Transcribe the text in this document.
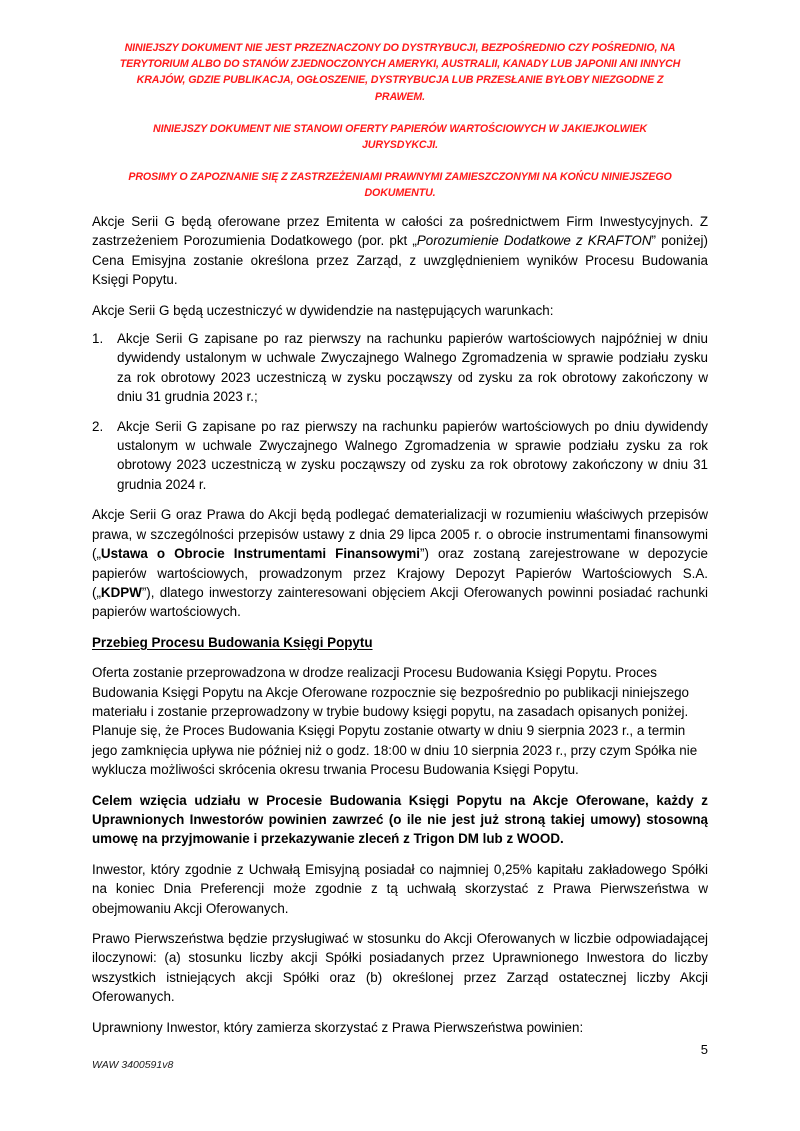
NINIEJSZY DOKUMENT NIE JEST PRZEZNACZONY DO DYSTRYBUCJI, BEZPOŚREDNIO CZY POŚREDNIO, NA TERYTORIUM ALBO DO STANÓW ZJEDNOCZONYCH AMERYKI, AUSTRALII, KANADY LUB JAPONII ANI INNYCH KRAJÓW, GDZIE PUBLIKACJA, OGŁOSZENIE, DYSTRYBUCJA LUB PRZESŁANIE BYŁOBY NIEZGODNE Z PRAWEM.

NINIEJSZY DOKUMENT NIE STANOWI OFERTY PAPIERÓW WARTOŚCIOWYCH W JAKIEJKOLWIEK JURYSDYKCJI.

PROSIMY O ZAPOZNANIE SIĘ Z ZASTRZEŻENIAMI PRAWNYMI ZAMIESZCZONYMI NA KOŃCU NINIEJSZEGO DOKUMENTU.

Akcje Serii G będą oferowane przez Emitenta w całości za pośrednictwem Firm Inwestycyjnych. Z zastrzeżeniem Porozumienia Dodatkowego (por. pkt „Porozumienie Dodatkowe z KRAFTON” poniżej) Cena Emisyjna zostanie określona przez Zarząd, z uwzględnieniem wyników Procesu Budowania Księgi Popytu.

Akcje Serii G będą uczestniczyć w dywidendzie na następujących warunkach:

Akcje Serii G zapisane po raz pierwszy na rachunku papierów wartościowych najpóźniej w dniu dywidendy ustalonym w uchwale Zwyczajnego Walnego Zgromadzenia w sprawie podziału zysku za rok obrotowy 2023 uczestniczą w zysku począwszy od zysku za rok obrotowy zakończony w dniu 31 grudnia 2023 r.;
Akcje Serii G zapisane po raz pierwszy na rachunku papierów wartościowych po dniu dywidendy ustalonym w uchwale Zwyczajnego Walnego Zgromadzenia w sprawie podziału zysku za rok obrotowy 2023 uczestniczą w zysku począwszy od zysku za rok obrotowy zakończony w dniu 31 grudnia 2024 r.

Akcje Serii G oraz Prawa do Akcji będą podlegać dematerializacji w rozumieniu właściwych przepisów prawa, w szczególności przepisów ustawy z dnia 29 lipca 2005 r. o obrocie instrumentami finansowymi („Ustawa o Obrocie Instrumentami Finansowymi”) oraz zostaną zarejestrowane w depozycie papierów wartościowych, prowadzonym przez Krajowy Depozyt Papierów Wartościowych S.A. („KDPW”), dlatego inwestorzy zainteresowani objęciem Akcji Oferowanych powinni posiadać rachunki papierów wartościowych.

Przebieg Procesu Budowania Księgi Popytu

Oferta zostanie przeprowadzona w drodze realizacji Procesu Budowania Księgi Popytu. Proces Budowania Księgi Popytu na Akcje Oferowane rozpocznie się bezpośrednio po publikacji niniejszego materiału i zostanie przeprowadzony w trybie budowy księgi popytu, na zasadach opisanych poniżej. Planuje się, że Proces Budowania Księgi Popytu zostanie otwarty w dniu 9 sierpnia 2023 r., a termin jego zamknięcia upływa nie później niż o godz. 18:00 w dniu 10 sierpnia 2023 r., przy czym Spółka nie wyklucza możliwości skrócenia okresu trwania Procesu Budowania Księgi Popytu.

Celem wzięcia udziału w Procesie Budowania Księgi Popytu na Akcje Oferowane, każdy z Uprawnionych Inwestorów powinien zawrzeć (o ile nie jest już stroną takiej umowy) stosowną umowę na przyjmowanie i przekazywanie zleceń z Trigon DM lub z WOOD.

Inwestor, który zgodnie z Uchwałą Emisyjną posiadał co najmniej 0,25% kapitału zakładowego Spółki na koniec Dnia Preferencji może zgodnie z tą uchwałą skorzystać z Prawa Pierwszeństwa w obejmowaniu Akcji Oferowanych.

Prawo Pierwszeństwa będzie przysługiwać w stosunku do Akcji Oferowanych w liczbie odpowiadającej iloczynowi: (a) stosunku liczby akcji Spółki posiadanych przez Uprawnionego Inwestora do liczby wszystkich istniejących akcji Spółki oraz (b) określonej przez Zarząd ostatecznej liczby Akcji Oferowanych.

Uprawniony Inwestor, który zamierza skorzystać z Prawa Pierwszeństwa powinien:

5
WAW 3400591v8
